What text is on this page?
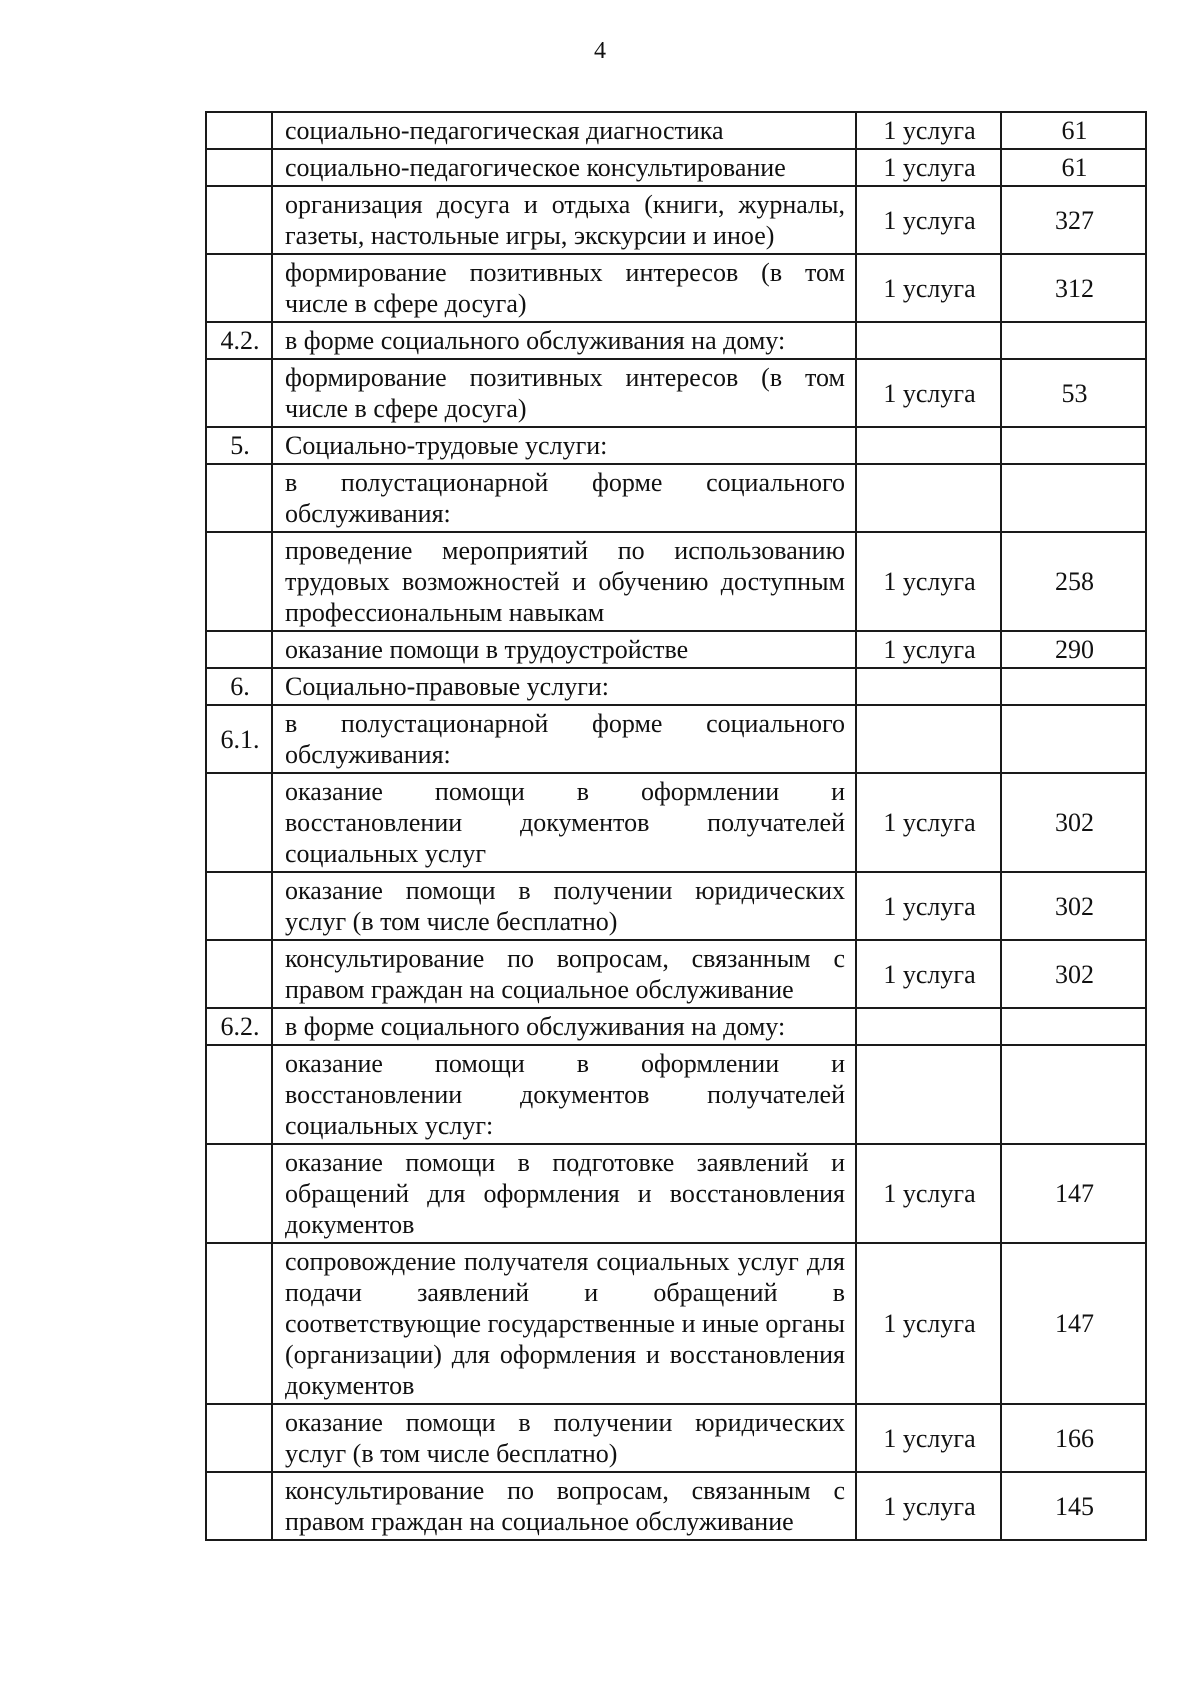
4
	социально-педагогическая диагностика	1 услуга	61
	социально-педагогическое консультирование	1 услуга	61
	организация досуга и отдыха (книги, журналы, газеты, настольные игры, экскурсии и иное)	1 услуга	327
	формирование позитивных интересов (в том числе в сфере досуга)	1 услуга	312
4.2.	в форме социального обслуживания на дому:		
	формирование позитивных интересов (в том числе в сфере досуга)	1 услуга	53
5.	Социально-трудовые услуги:		
	в полустационарной форме социального обслуживания:		
	проведение мероприятий по использованию трудовых возможностей и обучению доступным профессиональным навыкам	1 услуга	258
	оказание помощи в трудоустройстве	1 услуга	290
6.	Социально-правовые услуги:		
6.1.	в полустационарной форме социального обслуживания:		
	оказание помощи в оформлении и восстановлении документов получателей социальных услуг	1 услуга	302
	оказание помощи в получении юридических услуг (в том числе бесплатно)	1 услуга	302
	консультирование по вопросам, связанным с правом граждан на социальное обслуживание	1 услуга	302
6.2.	в форме социального обслуживания на дому:		
	оказание помощи в оформлении и восстановлении документов получателей социальных услуг:		
	оказание помощи в подготовке заявлений и обращений для оформления и восстановления документов	1 услуга	147
	сопровождение получателя социальных услуг для подачи заявлений и обращений в соответствующие государственные и иные органы (организации) для оформления и восстановления документов	1 услуга	147
	оказание помощи в получении юридических услуг (в том числе бесплатно)	1 услуга	166
	консультирование по вопросам, связанным с правом граждан на социальное обслуживание	1 услуга	145
